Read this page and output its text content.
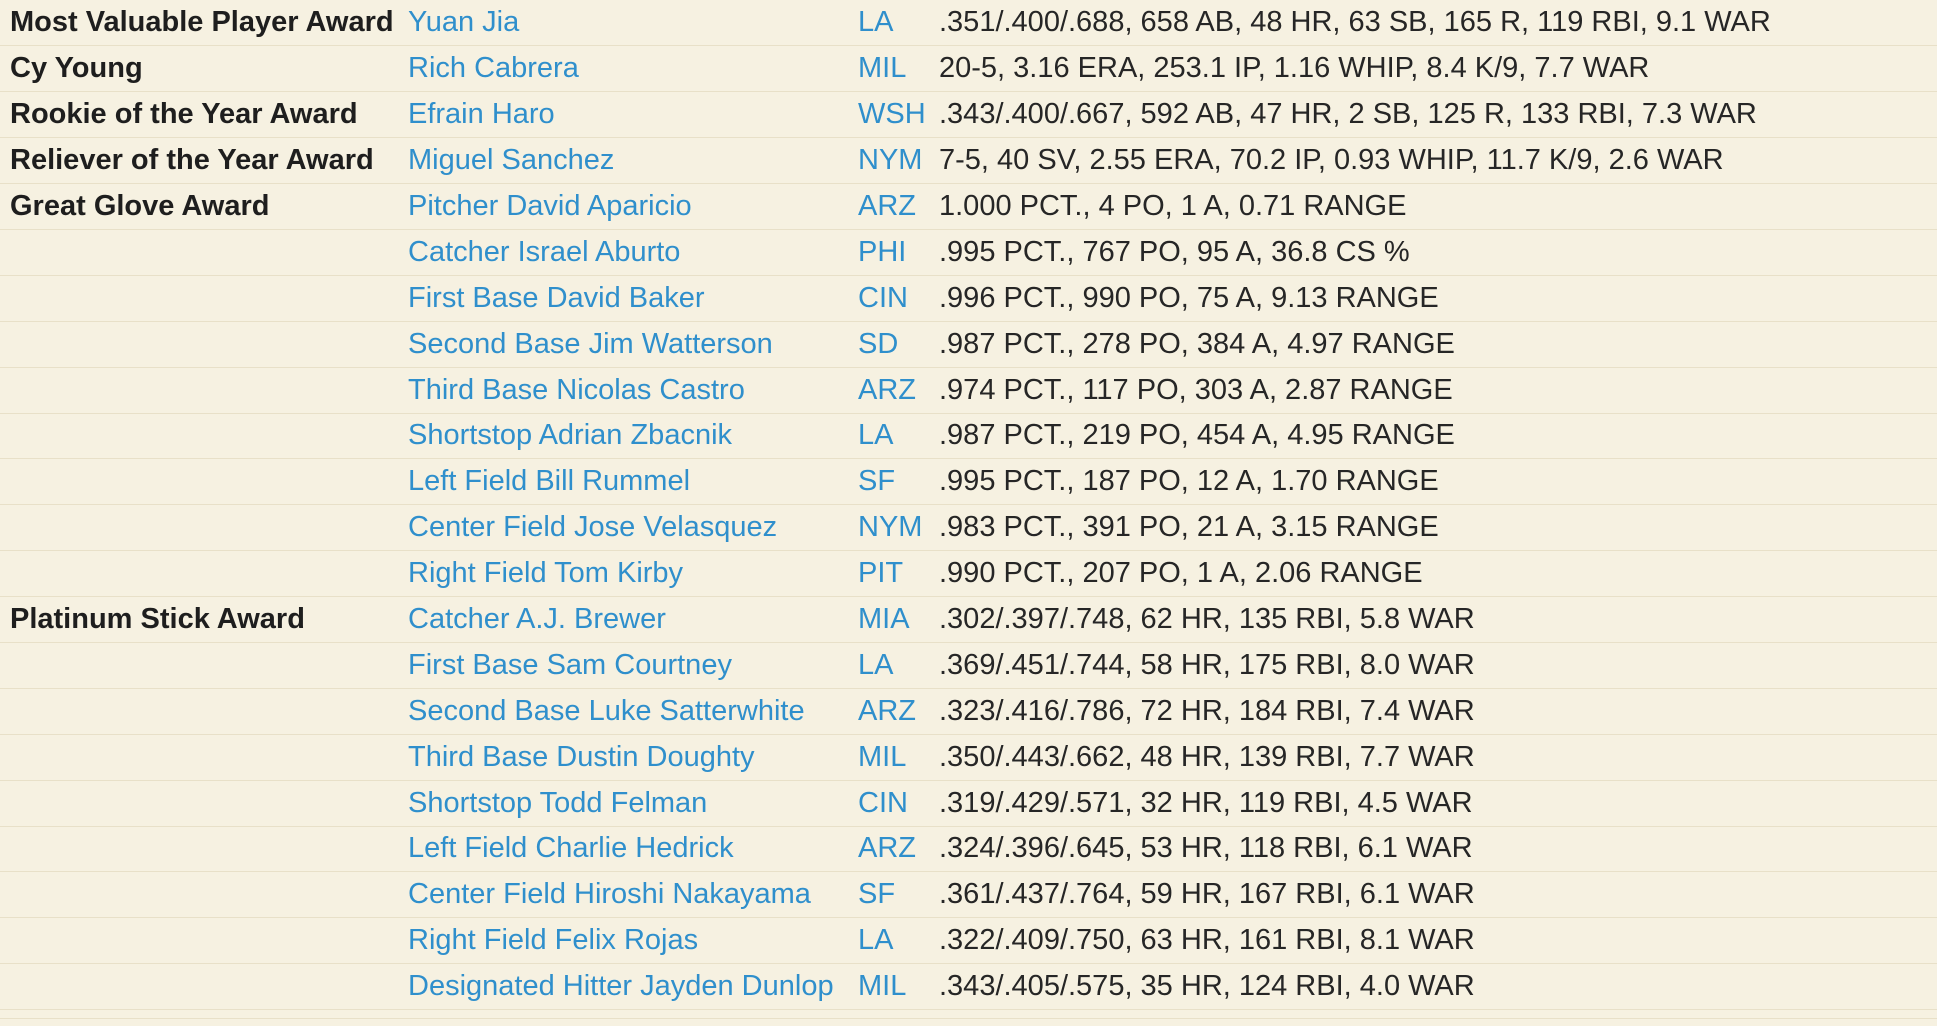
Most Valuable Player Award	Yuan Jia	LA	.351/.400/.688, 658 AB, 48 HR, 63 SB, 165 R, 119 RBI, 9.1 WAR
Cy Young	Rich Cabrera	MIL	20-5, 3.16 ERA, 253.1 IP, 1.16 WHIP, 8.4 K/9, 7.7 WAR
Rookie of the Year Award	Efrain Haro	WSH	.343/.400/.667, 592 AB, 47 HR, 2 SB, 125 R, 133 RBI, 7.3 WAR
Reliever of the Year Award	Miguel Sanchez	NYM	7-5, 40 SV, 2.55 ERA, 70.2 IP, 0.93 WHIP, 11.7 K/9, 2.6 WAR
Great Glove Award	Pitcher David Aparicio	ARZ	1.000 PCT., 4 PO, 1 A, 0.71 RANGE
	Catcher Israel Aburto	PHI	.995 PCT., 767 PO, 95 A, 36.8 CS %
	First Base David Baker	CIN	.996 PCT., 990 PO, 75 A, 9.13 RANGE
	Second Base Jim Watterson	SD	.987 PCT., 278 PO, 384 A, 4.97 RANGE
	Third Base Nicolas Castro	ARZ	.974 PCT., 117 PO, 303 A, 2.87 RANGE
	Shortstop Adrian Zbacnik	LA	.987 PCT., 219 PO, 454 A, 4.95 RANGE
	Left Field Bill Rummel	SF	.995 PCT., 187 PO, 12 A, 1.70 RANGE
	Center Field Jose Velasquez	NYM	.983 PCT., 391 PO, 21 A, 3.15 RANGE
	Right Field Tom Kirby	PIT	.990 PCT., 207 PO, 1 A, 2.06 RANGE
Platinum Stick Award	Catcher A.J. Brewer	MIA	.302/.397/.748, 62 HR, 135 RBI, 5.8 WAR
	First Base Sam Courtney	LA	.369/.451/.744, 58 HR, 175 RBI, 8.0 WAR
	Second Base Luke Satterwhite	ARZ	.323/.416/.786, 72 HR, 184 RBI, 7.4 WAR
	Third Base Dustin Doughty	MIL	.350/.443/.662, 48 HR, 139 RBI, 7.7 WAR
	Shortstop Todd Felman	CIN	.319/.429/.571, 32 HR, 119 RBI, 4.5 WAR
	Left Field Charlie Hedrick	ARZ	.324/.396/.645, 53 HR, 118 RBI, 6.1 WAR
	Center Field Hiroshi Nakayama	SF	.361/.437/.764, 59 HR, 167 RBI, 6.1 WAR
	Right Field Felix Rojas	LA	.322/.409/.750, 63 HR, 161 RBI, 8.1 WAR
	Designated Hitter Jayden Dunlop	MIL	.343/.405/.575, 35 HR, 124 RBI, 4.0 WAR
